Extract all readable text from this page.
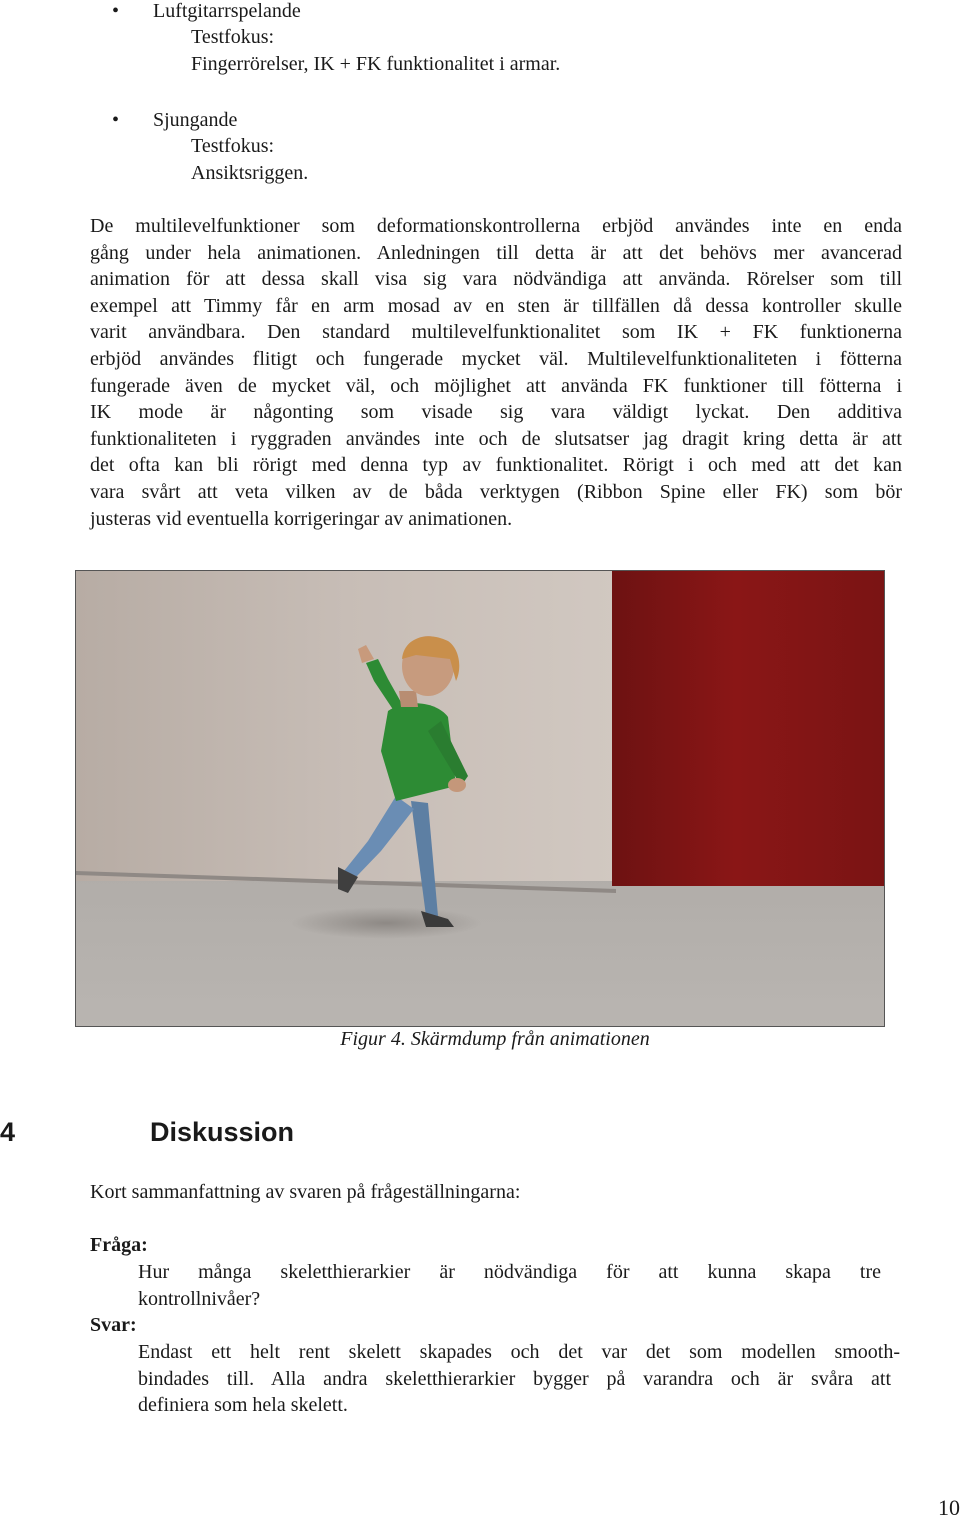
• Luftgitarrspelande
Testfokus:
Fingerrörelser, IK + FK funktionalitet i armar.
• Sjungande
Testfokus:
Ansiktsriggen.
De multilevelfunktioner som deformationskontrollerna erbjöd användes inte en enda
gång under hela animationen. Anledningen till detta är att det behövs mer avancerad
animation för att dessa skall visa sig vara nödvändiga att använda. Rörelser som till
exempel att Timmy får en arm mosad av en sten är tillfällen då dessa kontroller skulle
varit användbara. Den standard multilevelfunktionalitet som IK + FK funktionerna
erbjöd användes flitigt och fungerade mycket väl. Multilevelfunktionaliteten i fötterna
fungerade även de mycket väl, och möjlighet att använda FK funktioner till fötterna i
IK mode är någonting som visade sig vara väldigt lyckat. Den additiva
funktionaliteten i ryggraden användes inte och de slutsatser jag dragit kring detta är att
det ofta kan bli rörigt med denna typ av funktionalitet. Rörigt i och med att det kan
vara svårt att veta vilken av de båda verktygen (Ribbon Spine eller FK) som bör
justeras vid eventuella korrigeringar av animationen.
Figur 4. Skärmdump från animationen
4	Diskussion
Kort sammanfattning av svaren på frågeställningarna:
Fråga:
Hur många skeletthierarkier är nödvändiga för att kunna skapa tre
kontrollnivåer?
Svar:
Endast ett helt rent skelett skapades och det var det som modellen smooth-
bindades till. Alla andra skeletthierarkier bygger på varandra och är svåra att
definiera som hela skelett.
10
